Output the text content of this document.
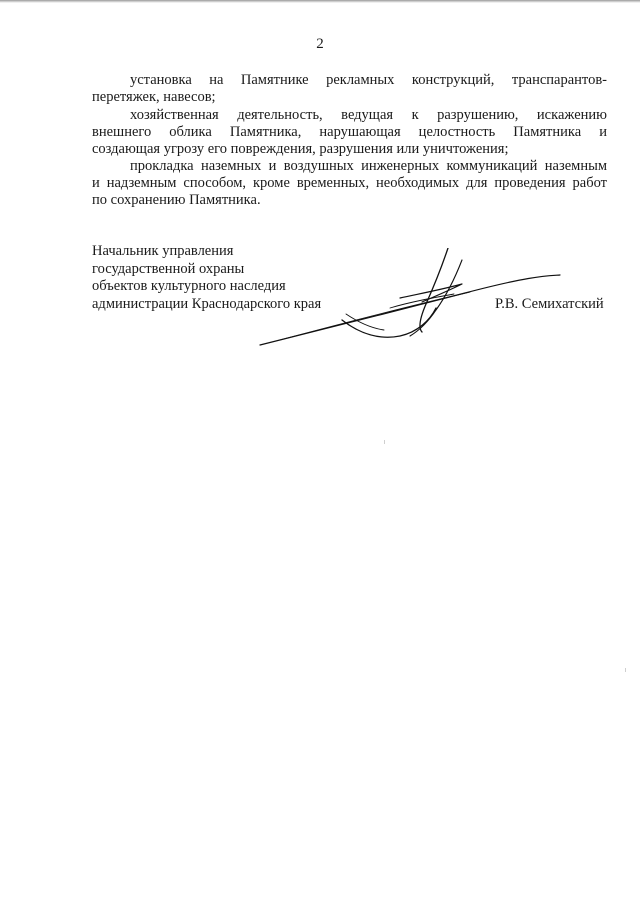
2
установка на Памятнике рекламных конструкций, транспарантов-
перетяжек, навесов;
хозяйственная деятельность, ведущая к разрушению, искажению
внешнего облика Памятника, нарушающая целостность Памятника и
создающая угрозу его повреждения, разрушения или уничтожения;
прокладка наземных и воздушных инженерных коммуникаций наземным
и надземным способом, кроме временных, необходимых для проведения работ
по сохранению Памятника.
Начальник управления
государственной охраны
объектов культурного наследия
администрации Краснодарского края	Р.В. Семихатский
